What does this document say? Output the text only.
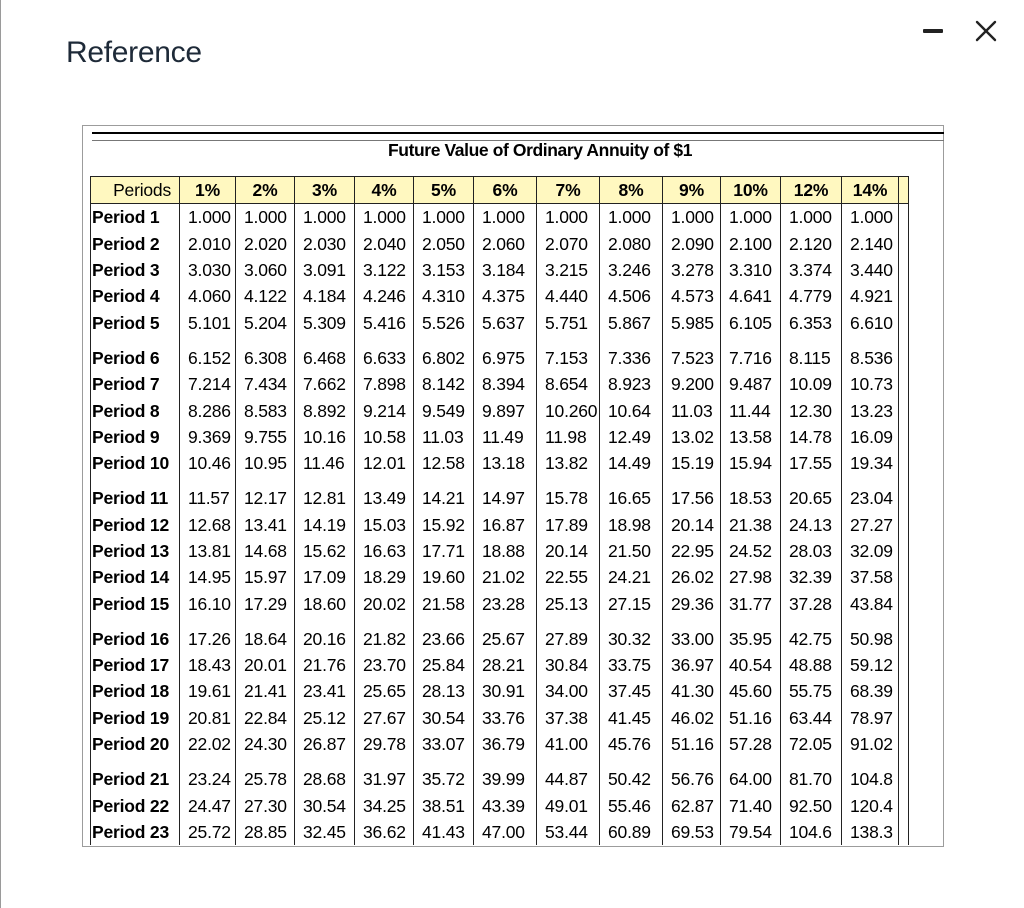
Reference
Future Value of Ordinary Annuity of $1
Periods	1%	2%	3%	4%	5%	6%	7%	8%	9%	10%	12%	14%	
Period 1	1.000	1.000	1.000	1.000	1.000	1.000	1.000	1.000	1.000	1.000	1.000	1.000	
Period 2	2.010	2.020	2.030	2.040	2.050	2.060	2.070	2.080	2.090	2.100	2.120	2.140	
Period 3	3.030	3.060	3.091	3.122	3.153	3.184	3.215	3.246	3.278	3.310	3.374	3.440	
Period 4	4.060	4.122	4.184	4.246	4.310	4.375	4.440	4.506	4.573	4.641	4.779	4.921	
Period 5	5.101	5.204	5.309	5.416	5.526	5.637	5.751	5.867	5.985	6.105	6.353	6.610	
Period 6	6.152	6.308	6.468	6.633	6.802	6.975	7.153	7.336	7.523	7.716	8.115	8.536	
Period 7	7.214	7.434	7.662	7.898	8.142	8.394	8.654	8.923	9.200	9.487	10.09	10.73	
Period 8	8.286	8.583	8.892	9.214	9.549	9.897	10.260	10.64	11.03	11.44	12.30	13.23	
Period 9	9.369	9.755	10.16	10.58	11.03	11.49	11.98	12.49	13.02	13.58	14.78	16.09	
Period 10	10.46	10.95	11.46	12.01	12.58	13.18	13.82	14.49	15.19	15.94	17.55	19.34	
Period 11	11.57	12.17	12.81	13.49	14.21	14.97	15.78	16.65	17.56	18.53	20.65	23.04	
Period 12	12.68	13.41	14.19	15.03	15.92	16.87	17.89	18.98	20.14	21.38	24.13	27.27	
Period 13	13.81	14.68	15.62	16.63	17.71	18.88	20.14	21.50	22.95	24.52	28.03	32.09	
Period 14	14.95	15.97	17.09	18.29	19.60	21.02	22.55	24.21	26.02	27.98	32.39	37.58	
Period 15	16.10	17.29	18.60	20.02	21.58	23.28	25.13	27.15	29.36	31.77	37.28	43.84	
Period 16	17.26	18.64	20.16	21.82	23.66	25.67	27.89	30.32	33.00	35.95	42.75	50.98	
Period 17	18.43	20.01	21.76	23.70	25.84	28.21	30.84	33.75	36.97	40.54	48.88	59.12	
Period 18	19.61	21.41	23.41	25.65	28.13	30.91	34.00	37.45	41.30	45.60	55.75	68.39	
Period 19	20.81	22.84	25.12	27.67	30.54	33.76	37.38	41.45	46.02	51.16	63.44	78.97	
Period 20	22.02	24.30	26.87	29.78	33.07	36.79	41.00	45.76	51.16	57.28	72.05	91.02	
Period 21	23.24	25.78	28.68	31.97	35.72	39.99	44.87	50.42	56.76	64.00	81.70	104.8	
Period 22	24.47	27.30	30.54	34.25	38.51	43.39	49.01	55.46	62.87	71.40	92.50	120.4	
Period 23	25.72	28.85	32.45	36.62	41.43	47.00	53.44	60.89	69.53	79.54	104.6	138.3	
